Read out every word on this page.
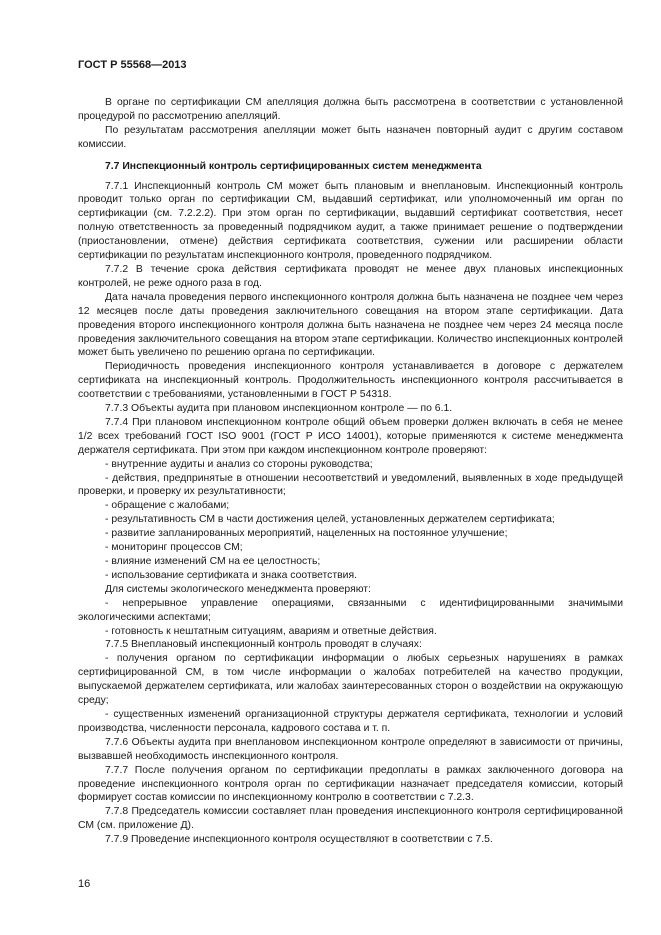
ГОСТ Р 55568—2013

В органе по сертификации СМ апелляция должна быть рассмотрена в соответствии с установленной процедурой по рассмотрению апелляций.

По результатам рассмотрения апелляции может быть назначен повторный аудит с другим составом комиссии.

7.7 Инспекционный контроль сертифицированных систем менеджмента

7.7.1 Инспекционный контроль СМ может быть плановым и внеплановым. Инспекционный контроль проводит только орган по сертификации СМ, выдавший сертификат, или уполномоченный им орган по сертификации (см. 7.2.2.2). При этом орган по сертификации, выдавший сертификат соответствия, несет полную ответственность за проведенный подрядчиком аудит, а также принимает решение о подтверждении (приостановлении, отмене) действия сертификата соответствия, сужении или расширении области сертификации по результатам инспекционного контроля, проведенного подрядчиком.

7.7.2 В течение срока действия сертификата проводят не менее двух плановых инспекционных контролей, не реже одного раза в год.

Дата начала проведения первого инспекционного контроля должна быть назначена не позднее чем через 12 месяцев после даты проведения заключительного совещания на втором этапе сертификации. Дата проведения второго инспекционного контроля должна быть назначена не позднее чем через 24 месяца после проведения заключительного совещания на втором этапе сертификации. Количество инспекционных контролей может быть увеличено по решению органа по сертификации.

Периодичность проведения инспекционного контроля устанавливается в договоре с держателем сертификата на инспекционный контроль. Продолжительность инспекционного контроля рассчитывается в соответствии с требованиями, установленными в ГОСТ Р 54318.

7.7.3 Объекты аудита при плановом инспекционном контроле — по 6.1.

7.7.4 При плановом инспекционном контроле общий объем проверки должен включать в себя не менее 1/2 всех требований ГОСТ ISO 9001 (ГОСТ Р ИСО 14001), которые применяются к системе менеджмента держателя сертификата. При этом при каждом инспекционном контроле проверяют:

- внутренние аудиты и анализ со стороны руководства;

- действия, предпринятые в отношении несоответствий и уведомлений, выявленных в ходе предыдущей проверки, и проверку их результативности;

- обращение с жалобами;

- результативность СМ в части достижения целей, установленных держателем сертификата;

- развитие запланированных мероприятий, нацеленных на постоянное улучшение;

- мониторинг процессов СМ;

- влияние изменений СМ на ее целостность;

- использование сертификата и знака соответствия.

Для системы экологического менеджмента проверяют:

- непрерывное управление операциями, связанными с идентифицированными значимыми экологическими аспектами;

- готовность к нештатным ситуациям, авариям и ответные действия.

7.7.5 Внеплановый инспекционный контроль проводят в случаях:

- получения органом по сертификации информации о любых серьезных нарушениях в рамках сертифицированной СМ, в том числе информации о жалобах потребителей на качество продукции, выпускаемой держателем сертификата, или жалобах заинтересованных сторон о воздействии на окружающую среду;

- существенных изменений организационной структуры держателя сертификата, технологии и условий производства, численности персонала, кадрового состава и т. п.

7.7.6 Объекты аудита при внеплановом инспекционном контроле определяют в зависимости от причины, вызвавшей необходимость инспекционного контроля.

7.7.7 После получения органом по сертификации предоплаты в рамках заключенного договора на проведение инспекционного контроля орган по сертификации назначает председателя комиссии, который формирует состав комиссии по инспекционному контролю в соответствии с 7.2.3.

7.7.8 Председатель комиссии составляет план проведения инспекционного контроля сертифицированной СМ (см. приложение Д).

7.7.9 Проведение инспекционного контроля осуществляют в соответствии с 7.5.

16
